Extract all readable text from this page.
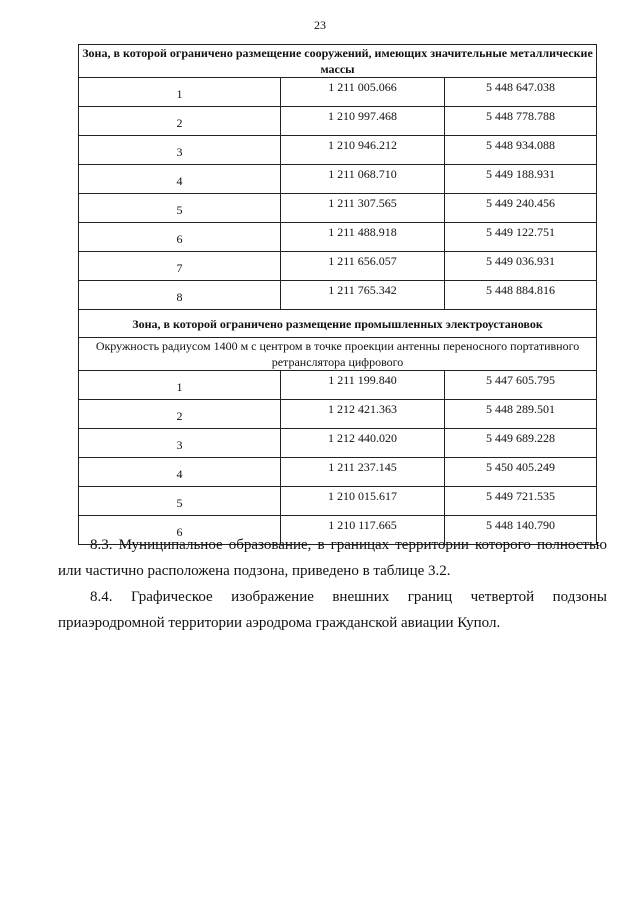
23
Зона, в которой ограничено размещение сооружений, имеющих значительные металлические массы		
1	1 211 005.066	5 448 647.038
2	1 210 997.468	5 448 778.788
3	1 210 946.212	5 448 934.088
4	1 211 068.710	5 449 188.931
5	1 211 307.565	5 449 240.456
6	1 211 488.918	5 449 122.751
7	1 211 656.057	5 449 036.931
8	1 211 765.342	5 448 884.816
Зона, в которой ограничено размещение промышленных электроустановок		
Окружность радиусом 1400 м с центром в точке проекции антенны переносного портативного ретранслятора цифрового		
1	1 211 199.840	5 447 605.795
2	1 212 421.363	5 448 289.501
3	1 212 440.020	5 449 689.228
4	1 211 237.145	5 450 405.249
5	1 210 015.617	5 449 721.535
6	1 210 117.665	5 448 140.790

8.3. Муниципальное образование, в границах территории которого полностью или частично расположена подзона, приведено в таблице 3.2.

8.4. Графическое изображение внешних границ четвертой подзоны

приаэродромной территории аэродрома гражданской авиации Купол.
